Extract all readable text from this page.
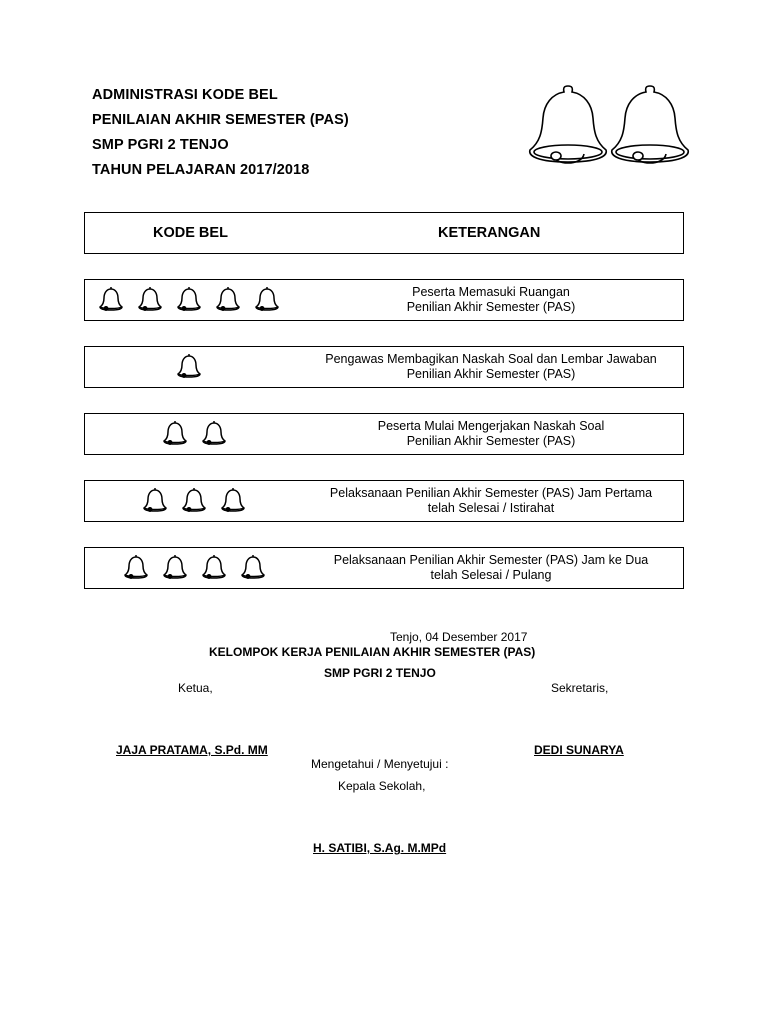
ADMINISTRASI KODE BEL
PENILAIAN AKHIR SEMESTER (PAS)
SMP PGRI 2 TENJO
TAHUN PELAJARAN 2017/2018
KODE BEL	KETERANGAN
Peserta Memasuki Ruangan
Penilian Akhir Semester (PAS)
Pengawas Membagikan Naskah Soal dan Lembar Jawaban
Penilian Akhir Semester (PAS)
Peserta Mulai Mengerjakan Naskah Soal
Penilian Akhir Semester (PAS)
Pelaksanaan Penilian Akhir Semester (PAS) Jam Pertama
telah Selesai / Istirahat
Pelaksanaan Penilian Akhir Semester (PAS) Jam ke Dua
telah Selesai / Pulang
Tenjo, 04 Desember 2017
KELOMPOK KERJA PENILAIAN AKHIR SEMESTER (PAS)
SMP PGRI 2 TENJO
Ketua,	Sekretaris,
JAJA PRATAMA, S.Pd. MM	DEDI SUNARYA
Mengetahui / Menyetujui :
Kepala Sekolah,
H. SATIBI, S.Ag. M.MPd
